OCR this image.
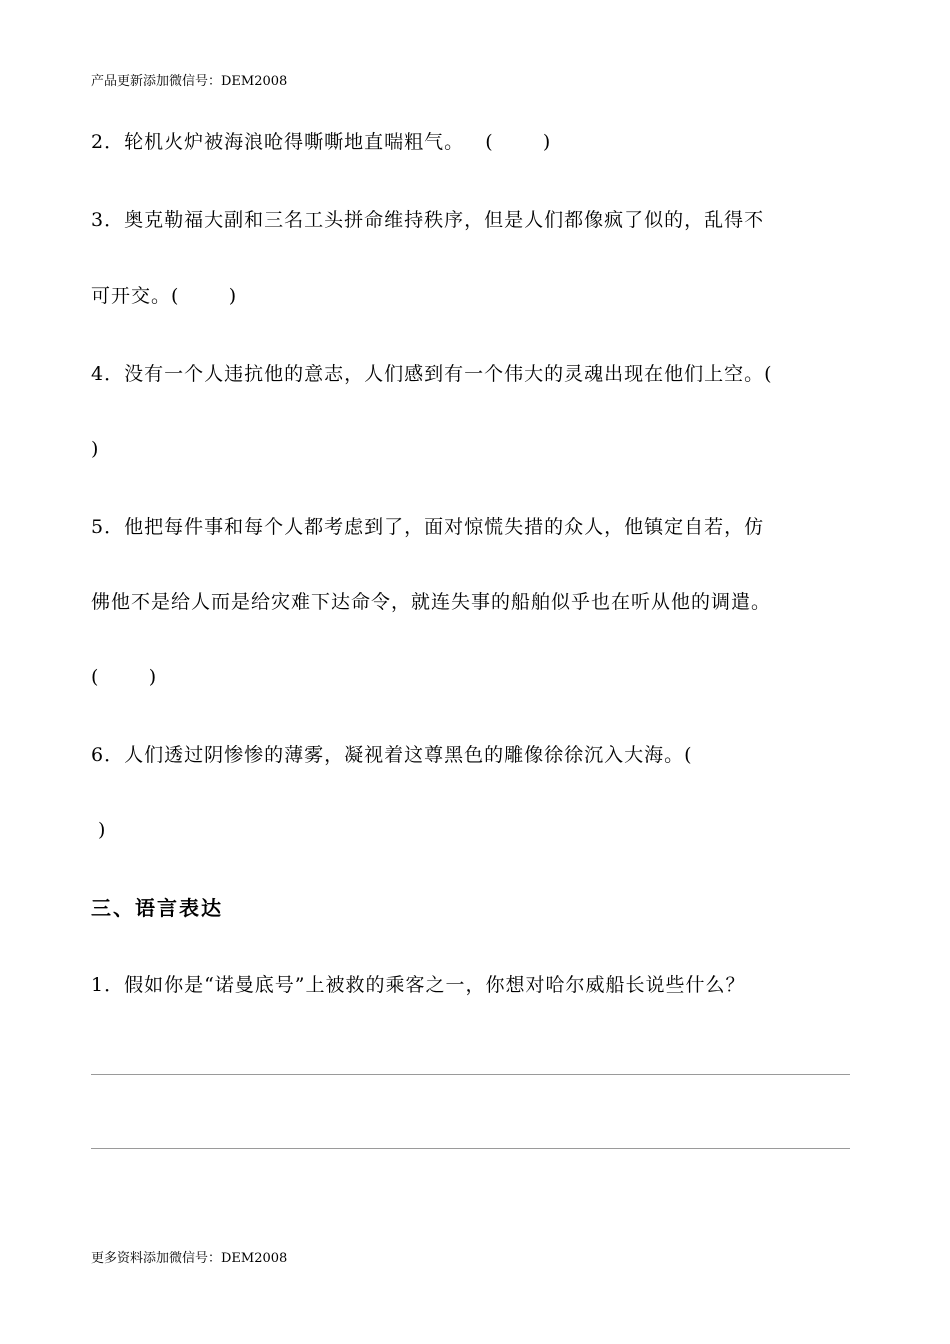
产品更新添加微信号：DEM2008
2．轮机火炉被海浪呛得嘶嘶地直喘粗气。   (       )
3．奥克勒福大副和三名工头拼命维持秩序，但是人们都像疯了似的，乱得不
可开交。(       )
4．没有一个人违抗他的意志，人们感到有一个伟大的灵魂出现在他们上空。(
)
5．他把每件事和每个人都考虑到了，面对惊慌失措的众人，他镇定自若，仿
佛他不是给人而是给灾难下达命令，就连失事的船舶似乎也在听从他的调遣。
(       )
6．人们透过阴惨惨的薄雾，凝视着这尊黑色的雕像徐徐沉入大海。(
)
三、语言表达
1．假如你是“诺曼底号”上被救的乘客之一，你想对哈尔威船长说些什么？
更多资料添加微信号：DEM2008
